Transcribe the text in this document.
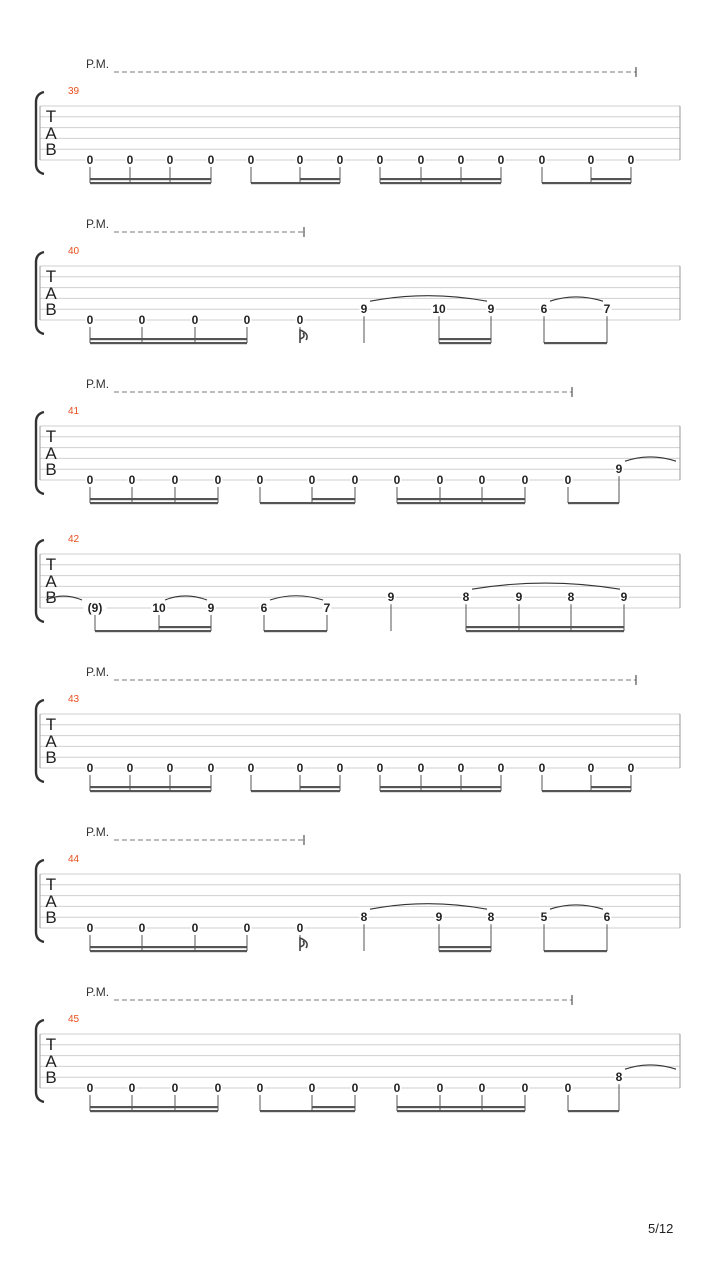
P.M.
39
T
A
B
0	0	0	0	0	0	0	0	0	0	0	0	0	0
P.M.
40
T
A
B
0	0	0	0	0
9	10	9	6	7
P.M.
41
T
A
B
0	0	0	0	0	0	0	0	0	0	0	0
9
42
T
A
B
(9)	10	9	6	7
9	8	9	8	9
P.M.
43
T
A
B
0	0	0	0	0	0	0	0	0	0	0	0	0	0
P.M.
44
T
A
B
0	0	0	0	0
8	9	8	5	6
P.M.
45
T
A
B
0	0	0	0	0	0	0	0	0	0	0	0
8
5/12
